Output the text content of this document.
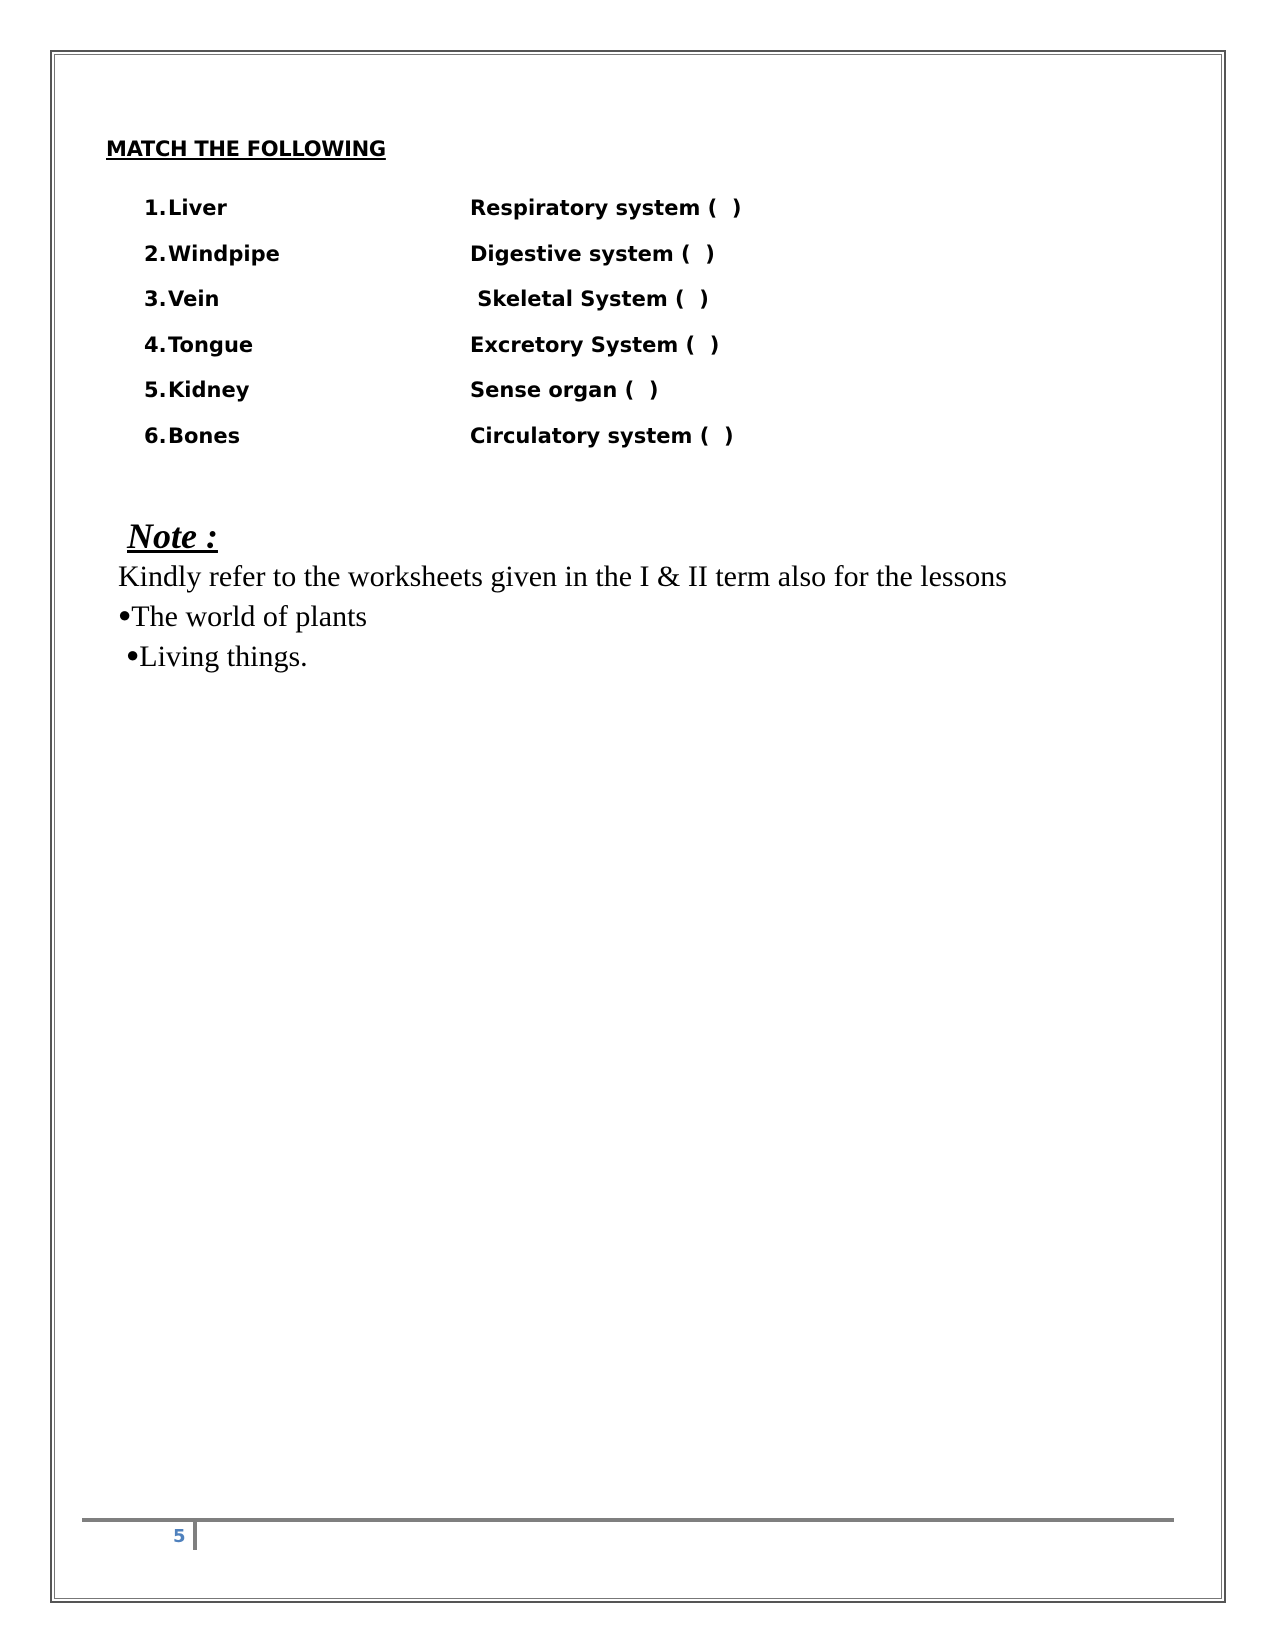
MATCH THE FOLLOWING
1. Liver	Respiratory system (  )
2. Windpipe	Digestive system (  )
3. Vein	Skeletal System (  )
4. Tongue	Excretory System (  )
5. Kidney	Sense organ (  )
6. Bones	Circulatory system (  )
Note :
Kindly refer to the worksheets given in the I & II term also for the lessons
●The world of plants
●Living things.
5
